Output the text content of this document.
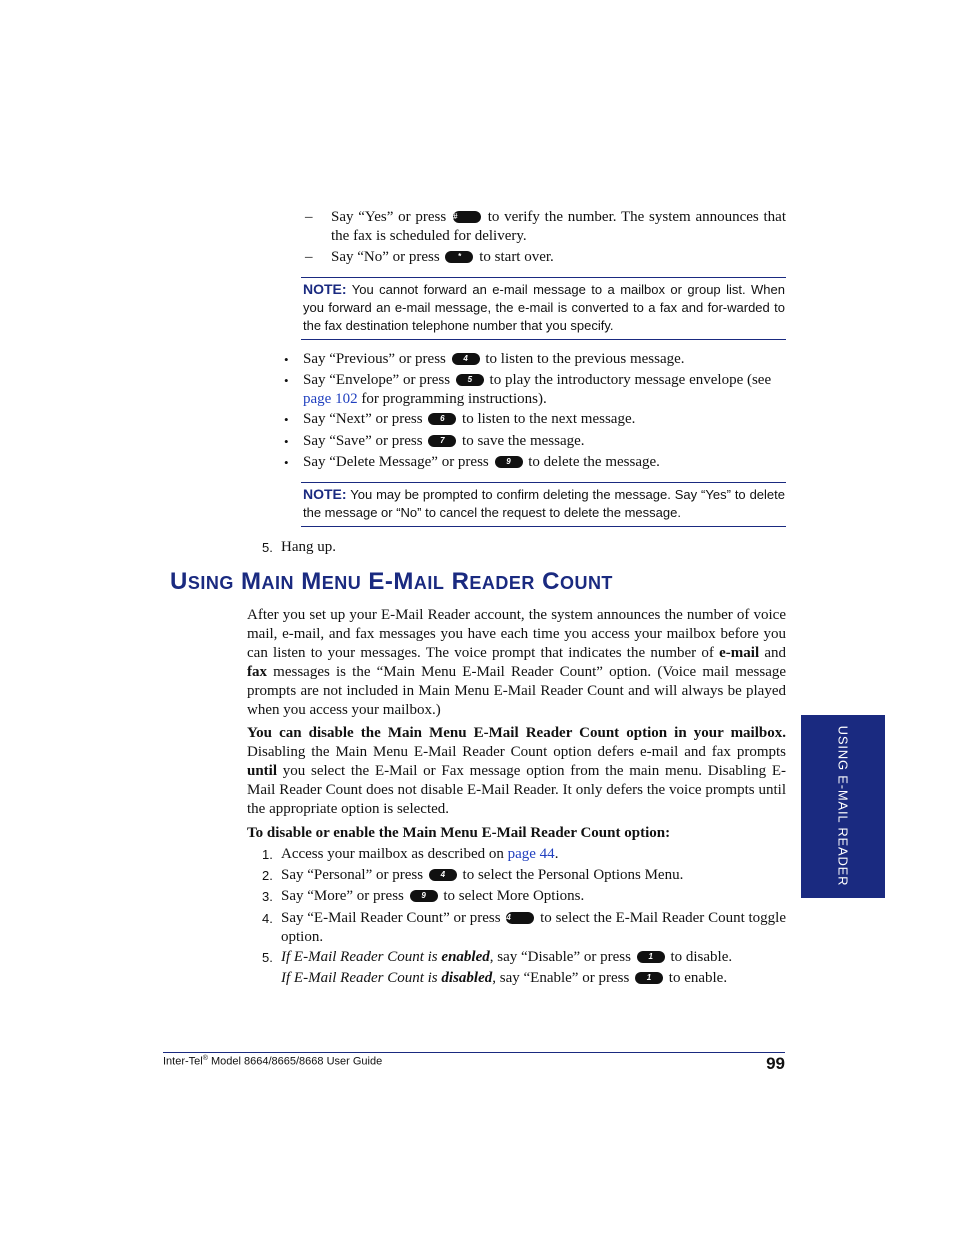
– Say “Yes” or press # to verify the number. The system announces that the fax is scheduled for delivery.
– Say “No” or press * to start over.
NOTE: You cannot forward an e-mail message to a mailbox or group list. When you forward an e-mail message, the e-mail is converted to a fax and for-warded to the fax destination telephone number that you specify.
• Say “Previous” or press 4 to listen to the previous message.
• Say “Envelope” or press 5 to play the introductory message envelope (see page 102 for programming instructions).
• Say “Next” or press 6 to listen to the next message.
• Say “Save” or press 7 to save the message.
• Say “Delete Message” or press 9 to delete the message.
NOTE: You may be prompted to confirm deleting the message. Say “Yes” to delete the message or “No” to cancel the request to delete the message.
5. Hang up.
USING MAIN MENU E-MAIL READER COUNT
After you set up your E-Mail Reader account, the system announces the number of voice mail, e-mail, and fax messages you have each time you access your mailbox before you can listen to your messages. The voice prompt that indicates the number of e-mail and fax messages is the “Main Menu E-Mail Reader Count” option. (Voice mail message prompts are not included in Main Menu E-Mail Reader Count and will always be played when you access your mailbox.)
You can disable the Main Menu E-Mail Reader Count option in your mailbox. Disabling the Main Menu E-Mail Reader Count option defers e-mail and fax prompts until you select the E-Mail or Fax message option from the main menu. Disabling E-Mail Reader Count does not disable E-Mail Reader. It only defers the voice prompts until the appropriate option is selected.
To disable or enable the Main Menu E-Mail Reader Count option:
1. Access your mailbox as described on page 44.
2. Say “Personal” or press 4 to select the Personal Options Menu.
3. Say “More” or press 9 to select More Options.
4. Say “E-Mail Reader Count” or press 4 to select the E-Mail Reader Count toggle option.
5. If E-Mail Reader Count is enabled, say “Disable” or press 1 to disable.
If E-Mail Reader Count is disabled, say “Enable” or press 1 to enable.
USING E-MAIL READER
Inter-Tel® Model 8664/8665/8668 User Guide	99
